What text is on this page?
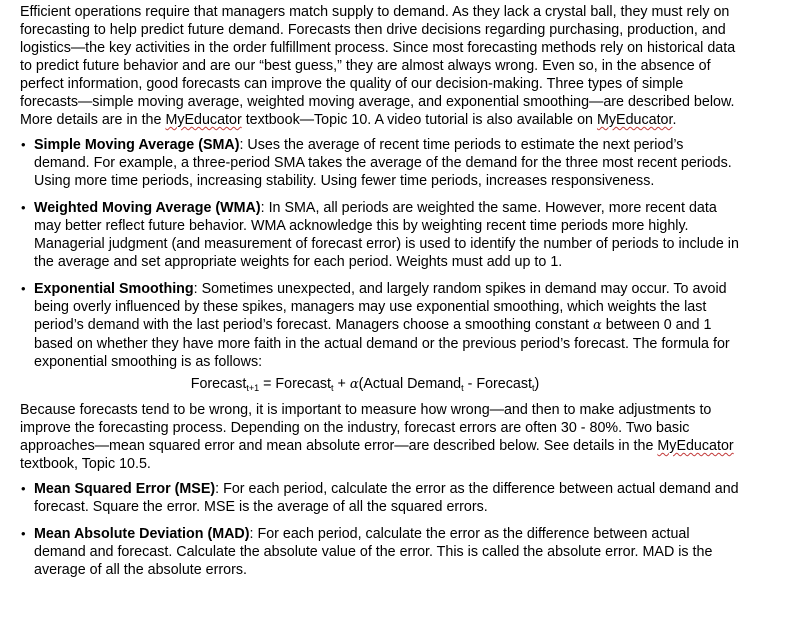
Efficient operations require that managers match supply to demand. As they lack a crystal ball, they must rely on forecasting to help predict future demand. Forecasts then drive decisions regarding purchasing, production, and logistics—the key activities in the order fulfillment process. Since most forecasting methods rely on historical data to predict future behavior and are our “best guess,” they are almost always wrong. Even so, in the absence of perfect information, good forecasts can improve the quality of our decision-making. Three types of simple forecasts—simple moving average, weighted moving average, and exponential smoothing—are described below. More details are in the MyEducator textbook—Topic 10. A video tutorial is also available on MyEducator.

• Simple Moving Average (SMA): Uses the average of recent time periods to estimate the next period’s demand. For example, a three-period SMA takes the average of the demand for the three most recent periods. Using more time periods, increasing stability. Using fewer time periods, increases responsiveness.
• Weighted Moving Average (WMA): In SMA, all periods are weighted the same. However, more recent data may better reflect future behavior. WMA acknowledge this by weighting recent time periods more highly. Managerial judgment (and measurement of forecast error) is used to identify the number of periods to include in the average and set appropriate weights for each period. Weights must add up to 1.
• Exponential Smoothing: Sometimes unexpected, and largely random spikes in demand may occur. To avoid being overly influenced by these spikes, managers may use exponential smoothing, which weights the last period’s demand with the last period’s forecast. Managers choose a smoothing constant α between 0 and 1 based on whether they have more faith in the actual demand or the previous period’s forecast. The formula for exponential smoothing is as follows:

Forecast$_{t+1}$ = Forecast$_t$ + α(Actual Demand$_t$ - Forecast$_t$)

Because forecasts tend to be wrong, it is important to measure how wrong—and then to make adjustments to improve the forecasting process. Depending on the industry, forecast errors are often 30 - 80%. Two basic approaches—mean squared error and mean absolute error—are described below. See details in the MyEducator textbook, Topic 10.5.

• Mean Squared Error (MSE): For each period, calculate the error as the difference between actual demand and forecast. Square the error. MSE is the average of all the squared errors.
• Mean Absolute Deviation (MAD): For each period, calculate the error as the difference between actual demand and forecast. Calculate the absolute value of the error. This is called the absolute error. MAD is the average of all the absolute errors.
